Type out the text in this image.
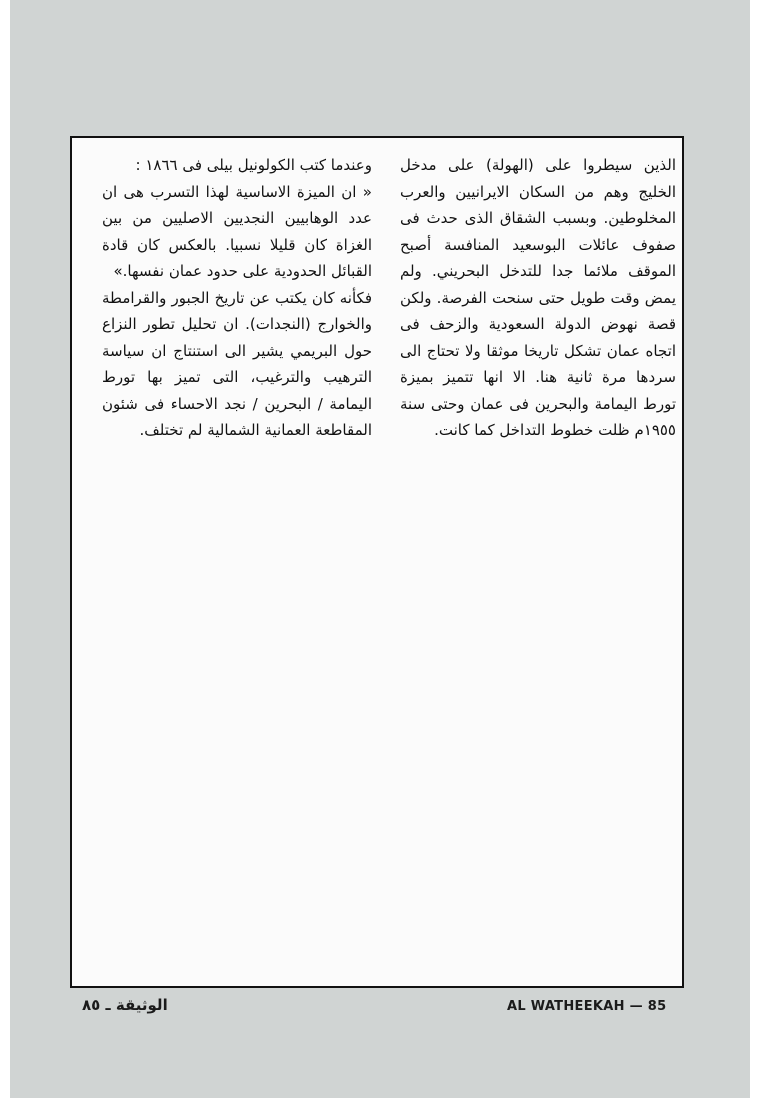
الذين سيطروا على (الهولة) على مدخل الخليج وهم من السكان الايرانيين والعرب المخلوطين. وبسبب الشقاق الذى حدث فى صفوف عائلات البوسعيد المنافسة أصبح الموقف ملائما جدا للتدخل البحريني. ولم يمض وقت طويل حتى سنحت الفرصة. ولكن قصة نهوض الدولة السعودية والزحف فى اتجاه عمان تشكل تاريخا موثقا ولا تحتاج الى سردها مرة ثانية هنا. الا انها تتميز بميزة تورط اليمامة والبحرين فى عمان وحتى سنة ١٩٥٥م ظلت خطوط التداخل كما كانت.

وعندما كتب الكولونيل بيلى فى ١٨٦٦ :

« ان الميزة الاساسية لهذا التسرب هى ان عدد الوهابيين النجديين الاصليين من بين الغزاة كان قليلا نسبيا. بالعكس كان قادة القبائل الحدودية على حدود عمان نفسها.»

فكأنه كان يكتب عن تاريخ الجبور والقرامطة والخوارج (النجدات). ان تحليل تطور النزاع حول البريمي يشير الى استنتاج ان سياسة الترهيب والترغيب، التى تميز بها تورط اليمامة / البحرين / نجد الاحساء فى شئون المقاطعة العمانية الشمالية لم تختلف.

الوثيقة ـ ٨٥	AL WATHEEKAH — 85
